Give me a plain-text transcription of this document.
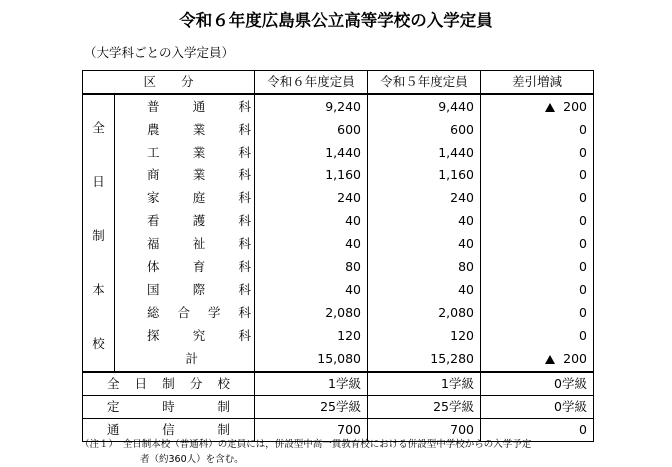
令和６年度広島県公立高等学校の入学定員
（大学科ごとの入学定員）
区　　分		令和６年度定員	令和５年度定員	差引増減

全
日
制
本
校	普 通 科	9,240	9,440	200

	農 業 科	600	600	0

	工 業 科	1,440	1,440	0

	商 業 科	1,160	1,160	0

	家 庭 科	240	240	0

	看 護 科	40	40	0

	福 祉 科	40	40	0

	体 育 科	80	80	0

	国 際 科	40	40	0

	総 合 学 科	2,080	2,080	0

	探 究 科	120	120	0

	計	15,080	15,280	200

全 日 制 分 校		1学級	1学級	0学級

定 時 制		25学級	25学級	0学級

通 信 制		700	700	0
（注１）　全日制本校（普通科）の定員には，併設型中高一貫教育校における併設型中学校からの入学予定
者（約360人）を含む。
